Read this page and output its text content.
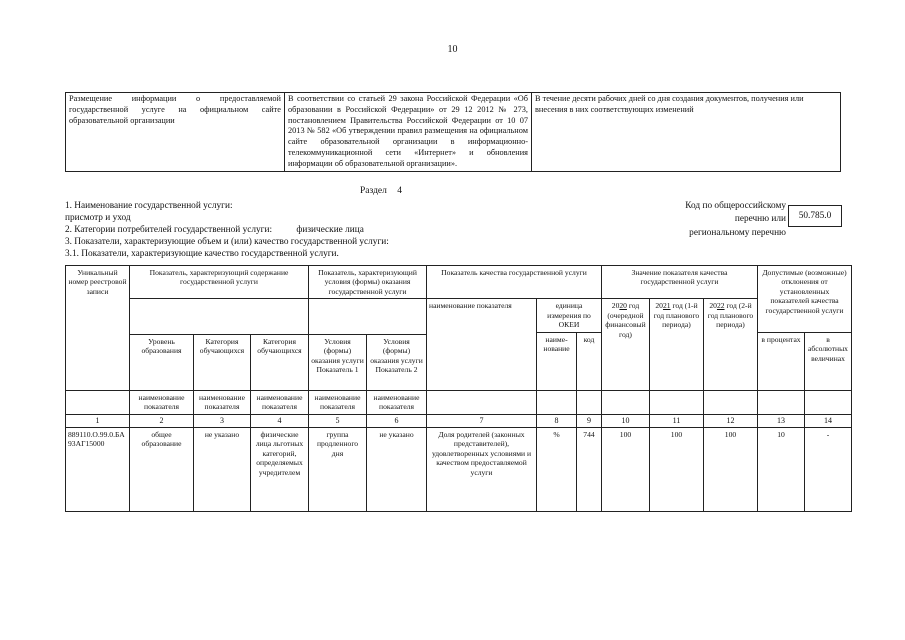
10
Размещение информации о предоставляемой государственной услуге на официальном сайте образовательной организации	В соответствии со статьей 29 закона Российской Федерации «Об образовании в Российской Федерации» от 29 12 2012 № 273, постановлением Правительства Российской Федерации от 10 07 2013 № 582 «Об утверждении правил размещения на официальном сайте образовательной организации в информационно-телекоммуникационной сети «Интернет» и обновления информации об образовательной организации».	В течение десяти рабочих дней со дня создания документов, получения или внесения в них соответствующих изменений
Раздел 4
1. Наименование государственной услуги:
присмотр и уход
2. Категории потребителей государственной услуги:	физические лица
3. Показатели, характеризующие объем и (или) качество государственной услуги:
3.1. Показатели, характеризующие качество государственной услуги.
Код по общероссийскому
перечню или
региональному перечню
50.785.0
Уникальный номер реестровой записи	Показатель, характеризующий содержание государственной услуги			Показатель, характеризующий условия (формы) оказания государственной услуги		Показатель качества государственной услуги			Значение показателя качества государственной услуги			Допустимые (возможные) отклонения от установленных показателей качества государственной услуги	
						наименование показателя	единица измерения по ОКЕИ		2020 год (очередной финансовый год)	2021 год (1-й год планового периода)	2022 год (2-й год планового периода)		
							наиме-нование	код				в процентах	в абсолютных величинах
	Уровень образования	Категория обучающихся	Категория обучающихся	Условия (формы) оказания услуги Показатель 1	Условия (формы) оказания услуги Показатель 2								
	наименование показателя	наименование показателя	наименование показателя	наименование показателя	наименование показателя								
1	2	3	4	5	6	7	8	9	10	11	12	13	14
889110.О.99.0.БА93АГ15000	общее образование	не указано	физические лица льготных категорий, определяемых учредителем	группа продленного дня	не указано	Доля родителей (законных представителей), удовлетворенных условиями и качеством предоставляемой услуги	%	744	100	100	100	10	-
